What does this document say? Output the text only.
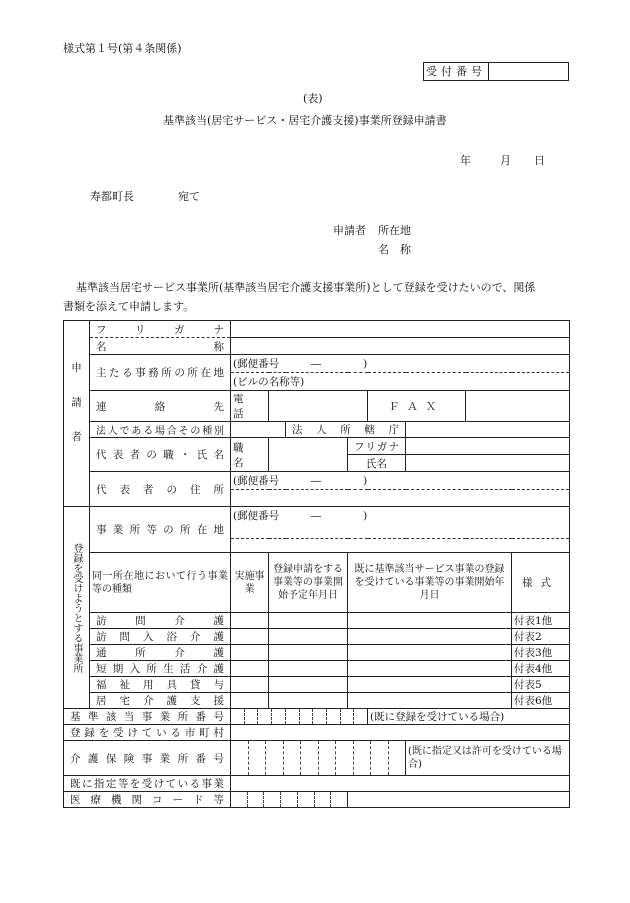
様式第１号(第４条関係)
受付番号
(表)
基準該当(居宅サービス・居宅介護支援)事業所登録申請書
年	月 日
寿都町長	宛て
申請者 所在地
名　称
基準該当居宅サービス事業所(基準該当居宅介護支援事業所)として登録を受けたいので、関係
書類を添えて申請します。
申請者	フリガナ								

	名称								

	主たる事務所の所在地	(郵便番号　　　―　　　　)							
		(ビルの名称等)							

	連絡先	電話				ＦＡＸ			

	法人である場合その種別			法人所轄庁					

	代表者の職・氏名	職名			フリガナ				

					氏名				

	代表者の住所	(郵便番号　　　―　　　　)							

登録を受けようとする事業所	事業所等の所在地	(郵便番号　　　―　　　　)							

	同一所在地において行う事業等の種類	実施事業	登録申請をする事業等の事業開始予定年月日		既に基準該当サービス事業の登録を受けている事業等の事業開始年月日				様式

	訪問介護								付表1他

	訪問入浴介護								付表2

	通所介護								付表3他

	短期入所生活介護								付表4他

	福祉用具貸与								付表5

	居宅介護支援								付表6他

基準該当事業所番号						(既に登録を受けている場合)			

登録を受けている市町村									

介護保険事業所番号							(既に指定又は許可を受けている場合)		

既に指定等を受けている事業									

医療機関コード等									
